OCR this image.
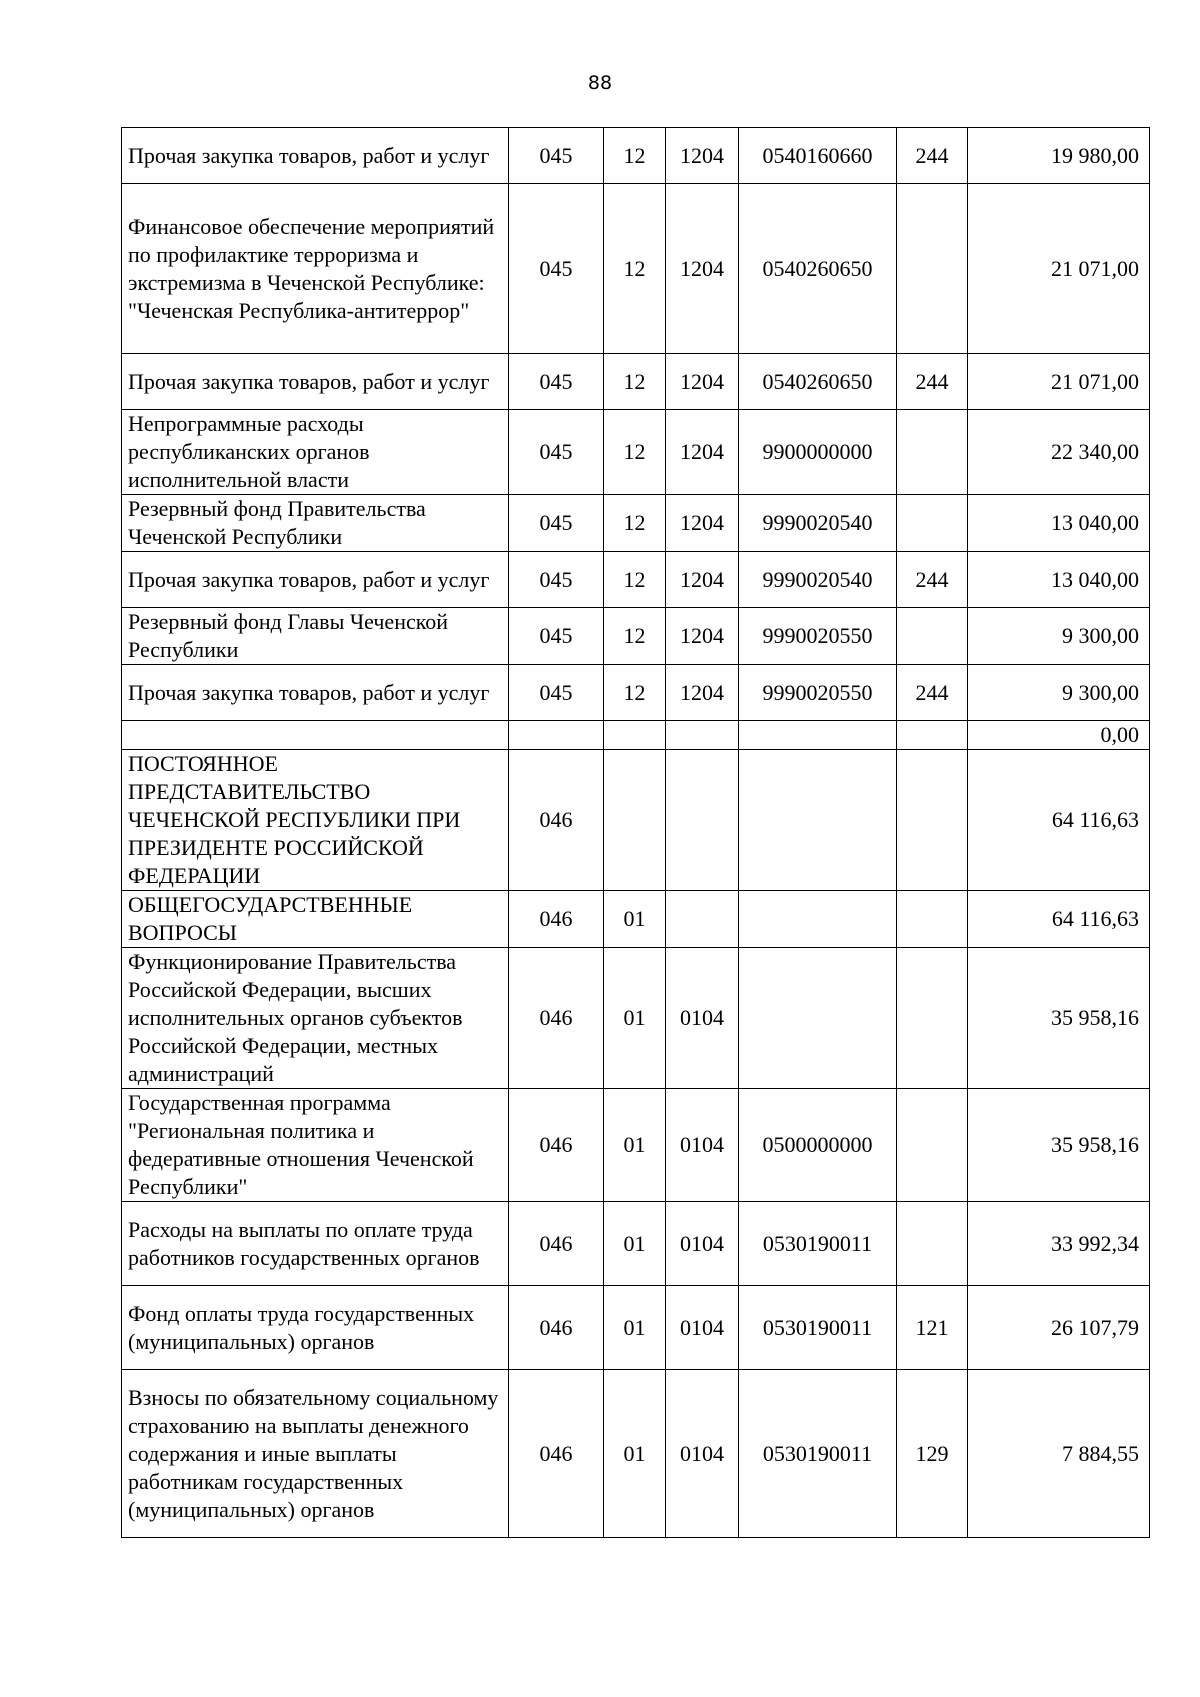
88
Прочая закупка товаров, работ и услуг	045	12	1204	0540160660	244	19 980,00
Финансовое обеспечение мероприятий по профилактике терроризма и экстремизма в Чеченской Республике: "Чеченская Республика-антитеррор"	045	12	1204	0540260650		21 071,00
Прочая закупка товаров, работ и услуг	045	12	1204	0540260650	244	21 071,00
Непрограммные расходы республиканских органов исполнительной власти	045	12	1204	9900000000		22 340,00
Резервный фонд Правительства Чеченской Республики	045	12	1204	9990020540		13 040,00
Прочая закупка товаров, работ и услуг	045	12	1204	9990020540	244	13 040,00
Резервный фонд Главы Чеченской Республики	045	12	1204	9990020550		9 300,00
Прочая закупка товаров, работ и услуг	045	12	1204	9990020550	244	9 300,00
						0,00
ПОСТОЯННОЕ ПРЕДСТАВИТЕЛЬСТВО ЧЕЧЕНСКОЙ РЕСПУБЛИКИ ПРИ ПРЕЗИДЕНТЕ РОССИЙСКОЙ ФЕДЕРАЦИИ	046					64 116,63
ОБЩЕГОСУДАРСТВЕННЫЕ ВОПРОСЫ	046	01				64 116,63
Функционирование Правительства Российской Федерации, высших исполнительных органов субъектов Российской Федерации, местных администраций	046	01	0104			35 958,16
Государственная программа "Региональная политика и федеративные отношения Чеченской Республики"	046	01	0104	0500000000		35 958,16
Расходы на выплаты по оплате труда работников государственных органов	046	01	0104	0530190011		33 992,34
Фонд оплаты труда государственных (муниципальных) органов	046	01	0104	0530190011	121	26 107,79
Взносы по обязательному социальному страхованию на выплаты денежного содержания и иные выплаты работникам государственных (муниципальных) органов	046	01	0104	0530190011	129	7 884,55
